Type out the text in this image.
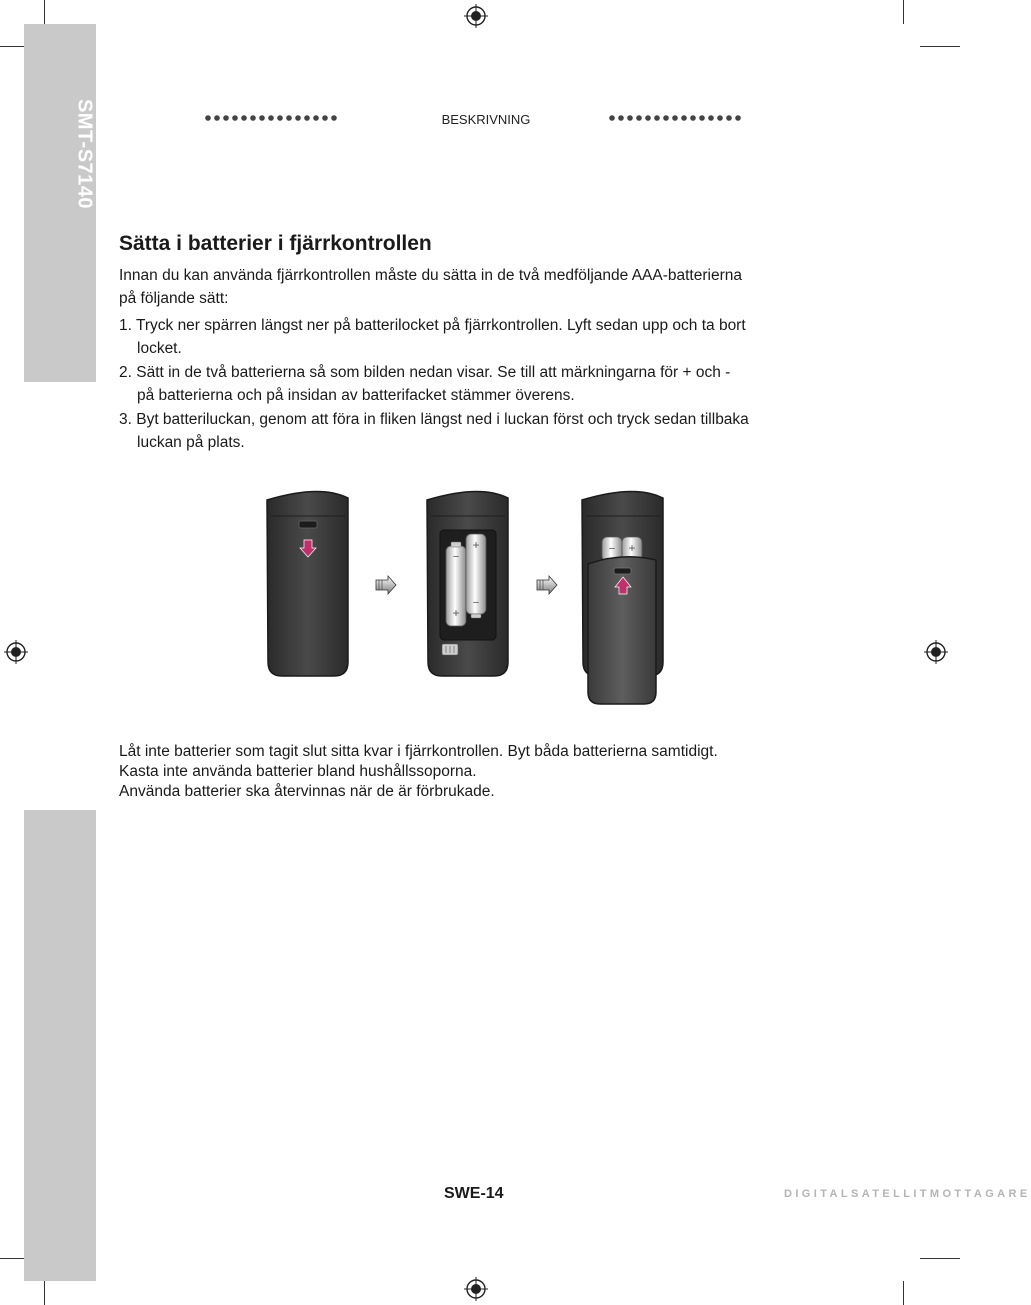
SMT-S7140	BESKRIVNING
Sätta i batterier i fjärrkontrollen
Innan du kan använda fjärrkontrollen måste du sätta in de två medföljande AAA-batterierna
på följande sätt:
1. Tryck ner spärren längst ner på batterilocket på fjärrkontrollen. Lyft sedan upp och ta bort
locket.
2. Sätt in de två batterierna så som bilden nedan visar. Se till att märkningarna för + och -
på batterierna och på insidan av batterifacket stämmer överens.
3. Byt batteriluckan, genom att föra in fliken längst ned i luckan först och tryck sedan tillbaka
luckan på plats.
−
+
+
−
− +
Låt inte batterier som tagit slut sitta kvar i fjärrkontrollen. Byt båda batterierna samtidigt.
Kasta inte använda batterier bland hushållssoporna.
Använda batterier ska återvinnas när de är förbrukade.
SWE-14	DIGITALSATELLITMOTTAGARE
